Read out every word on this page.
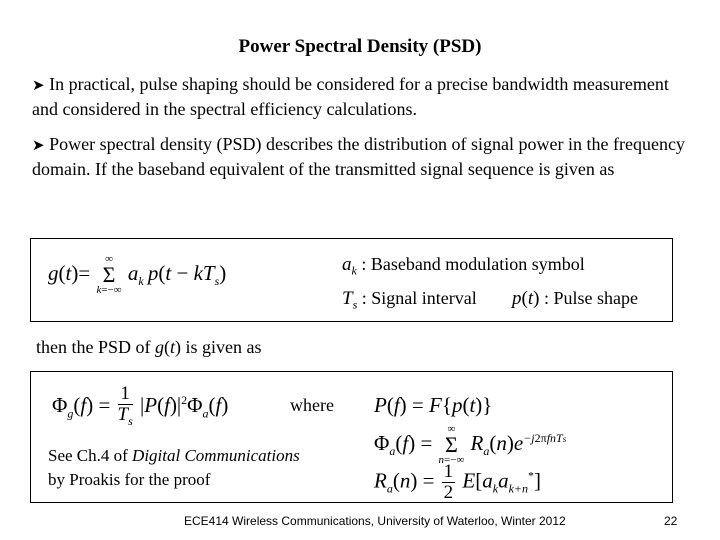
Power Spectral Density (PSD)
➤ In practical, pulse shaping should be considered for a precise bandwidth measurement and considered in the spectral efficiency calculations.
➤ Power spectral density (PSD) describes the distribution of signal power in the frequency domain. If the baseband equivalent of the transmitted signal sequence is given as
g(t)=
∞
Σ
k=−∞
$a_k$  $p(t - kT_s)$	$a_k$ : Baseband modulation symbol
$T_s$ : Signal interval p(t) : Pulse shape
then the PSD of g(t) is given as
$\Phi_g(f) = \frac{1}{T_s} |P(f)|^2\Phi_a(f)$	where P(f) = F{p(t)}
$\Phi_a(f)$ =
∞
Σ
n=−∞
$R_a(n)e^{-j2\pi fnTs}$
$R_a(n) = \frac{1}{2} E[a_ka_{k+n}^*]$
See Ch.4 of Digital Communications
by Proakis for the proof
ECE414 Wireless Communications, University of Waterloo, Winter 2012	22
